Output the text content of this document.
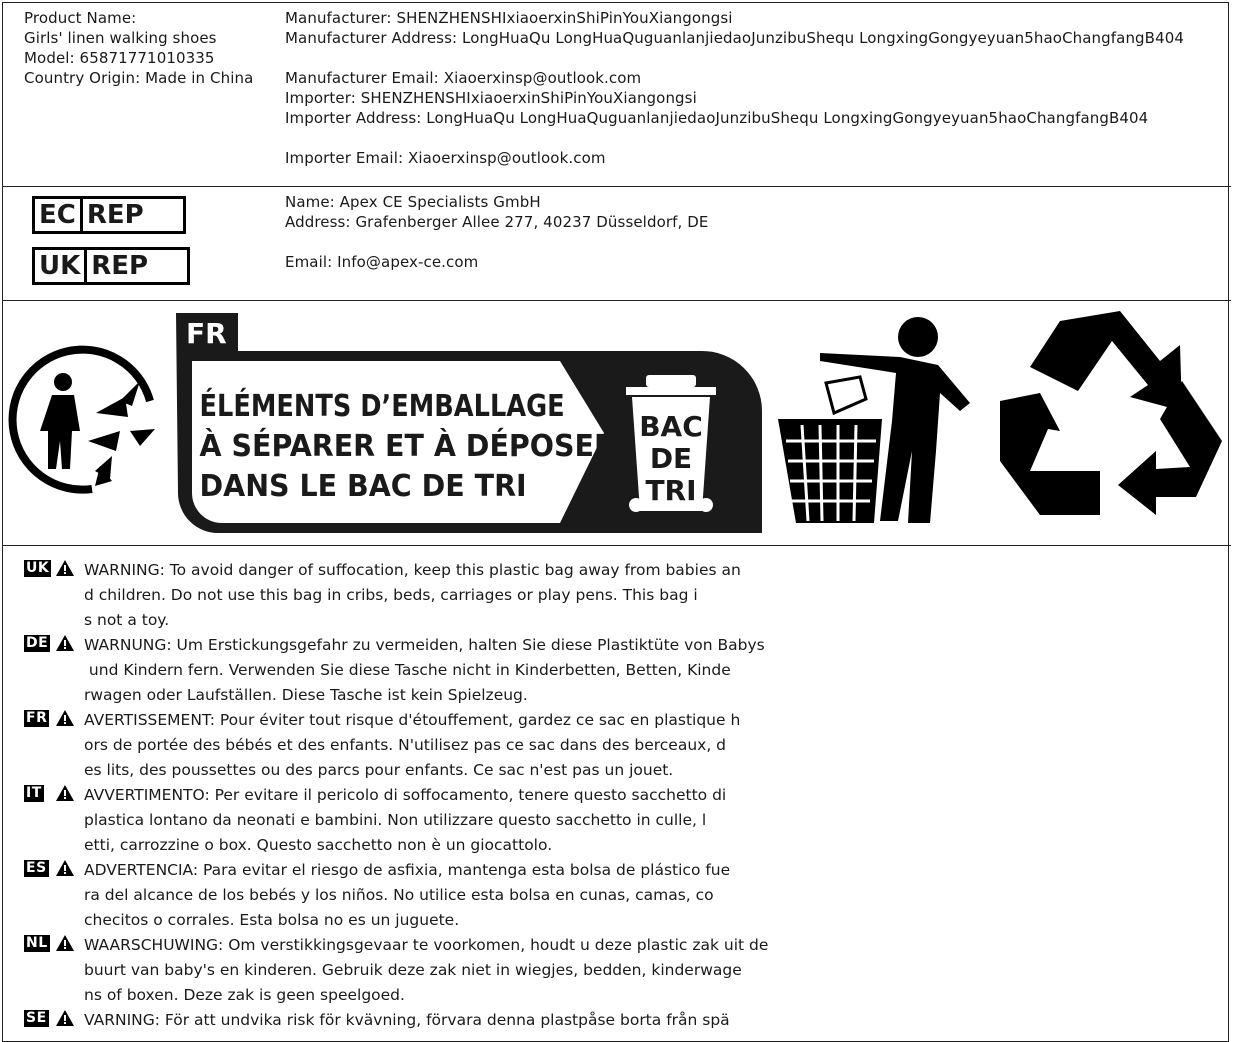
Product Name:
Girls' linen walking shoes
Model: 65871771010335
Country Origin: Made in China
Manufacturer: SHENZHENSHIxiaoerxinShiPinYouXiangongsi
Manufacturer Address: LongHuaQu LongHuaQuguanlanjiedaoJunzibuShequ LongxingGongyeyuan5haoChangfangB404
Manufacturer Email: Xiaoerxinsp@outlook.com
Importer: SHENZHENSHIxiaoerxinShiPinYouXiangongsi
Importer Address: LongHuaQu LongHuaQuguanlanjiedaoJunzibuShequ LongxingGongyeyuan5haoChangfangB404
Importer Email: Xiaoerxinsp@outlook.com
EC REP
UK REP
Name: Apex CE Specialists GmbH
Address: Grafenberger Allee 277, 40237 Düsseldorf, DE
Email: Info@apex-ce.com
FR
ÉLÉMENTS D’EMBALLAGE
À SÉPARER ET À DÉPOSER
DANS LE BAC DE TRI
BAC
DE
TRI
UK WARNING: To avoid danger of suffocation, keep this plastic bag away from babies an
d children. Do not use this bag in cribs, beds, carriages or play pens. This bag i
s not a toy.
DE WARNUNG: Um Erstickungsgefahr zu vermeiden, halten Sie diese Plastiktüte von Babys
und Kindern fern. Verwenden Sie diese Tasche nicht in Kinderbetten, Betten, Kinde
rwagen oder Laufställen. Diese Tasche ist kein Spielzeug.
FR AVERTISSEMENT: Pour éviter tout risque d'étouffement, gardez ce sac en plastique h
ors de portée des bébés et des enfants. N'utilisez pas ce sac dans des berceaux, d
es lits, des poussettes ou des parcs pour enfants. Ce sac n'est pas un jouet.
IT	AVVERTIMENTO: Per evitare il pericolo di soffocamento, tenere questo sacchetto di
plastica lontano da neonati e bambini. Non utilizzare questo sacchetto in culle, l
etti, carrozzine o box. Questo sacchetto non è un giocattolo.
ES ADVERTENCIA: Para evitar el riesgo de asfixia, mantenga esta bolsa de plástico fue
ra del alcance de los bebés y los niños. No utilice esta bolsa en cunas, camas, co
checitos o corrales. Esta bolsa no es un juguete.
NL WAARSCHUWING: Om verstikkingsgevaar te voorkomen, houdt u deze plastic zak uit de
buurt van baby's en kinderen. Gebruik deze zak niet in wiegjes, bedden, kinderwage
ns of boxen. Deze zak is geen speelgoed.
SE VARNING: För att undvika risk för kvävning, förvara denna plastpåse borta från spä
